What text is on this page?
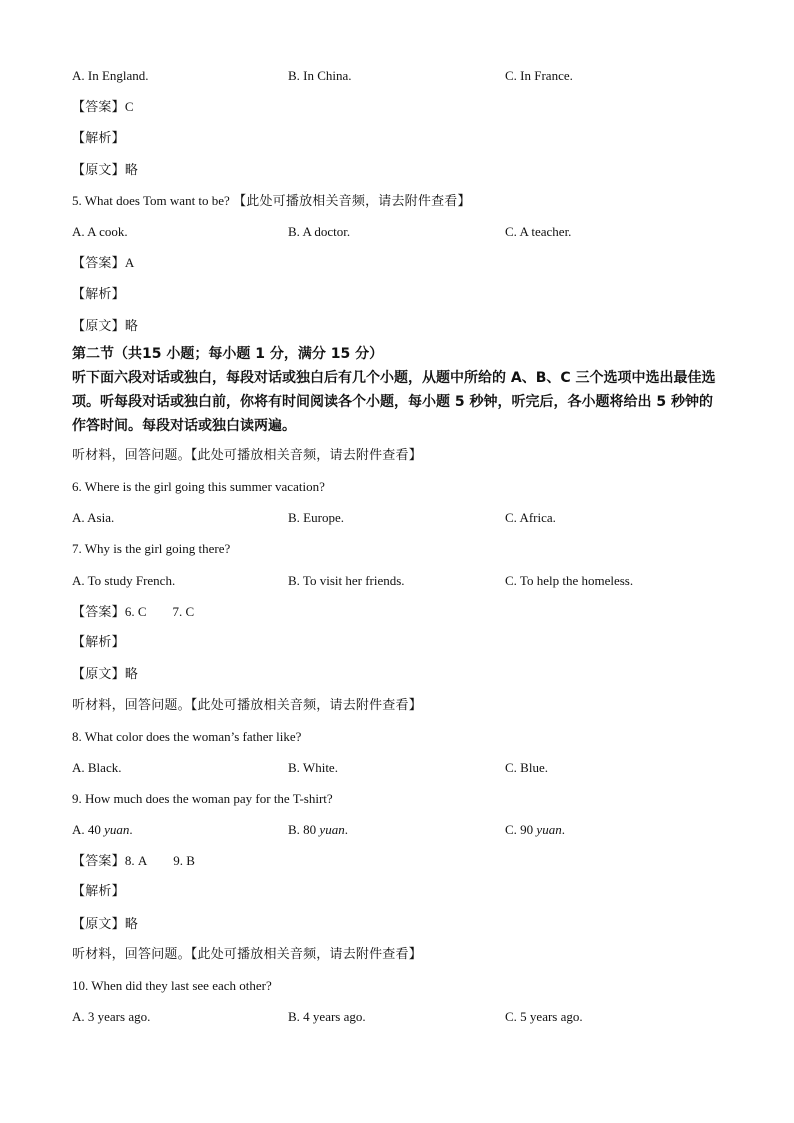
A. In England.	B. In China.	C. In France.
【答案】C
【解析】
【原文】略
5. What does Tom want to be? 【此处可播放相关音频，请去附件查看】
A. A cook.	B. A doctor.	C. A teacher.
【答案】A
【解析】
【原文】略
第二节（共15 小题；每小题 1 分，满分 15 分）
听下面六段对话或独白，每段对话或独白后有几个小题，从题中所给的 A、B、C 三个选项中选出最佳选项。听每段对话或独白前，你将有时间阅读各个小题，每小题 5 秒钟，听完后，各小题将给出 5 秒钟的作答时间。每段对话或独白读两遍。
听材料，回答问题。【此处可播放相关音频，请去附件查看】
6. Where is the girl going this summer vacation?
A. Asia.	B. Europe.	C. Africa.
7. Why is the girl going there?
A. To study French.	B. To visit her friends.	C. To help the homeless.
【答案】6. C 7. C
【解析】
【原文】略
听材料，回答问题。【此处可播放相关音频，请去附件查看】
8. What color does the woman’s father like?
A. Black.	B. White.	C. Blue.
9. How much does the woman pay for the T-shirt?
A. 40 yuan.	B. 80 yuan.	C. 90 yuan.
【答案】8. A 9. B
【解析】
【原文】略
听材料，回答问题。【此处可播放相关音频，请去附件查看】
10. When did they last see each other?
A. 3 years ago.	B. 4 years ago.	C. 5 years ago.
